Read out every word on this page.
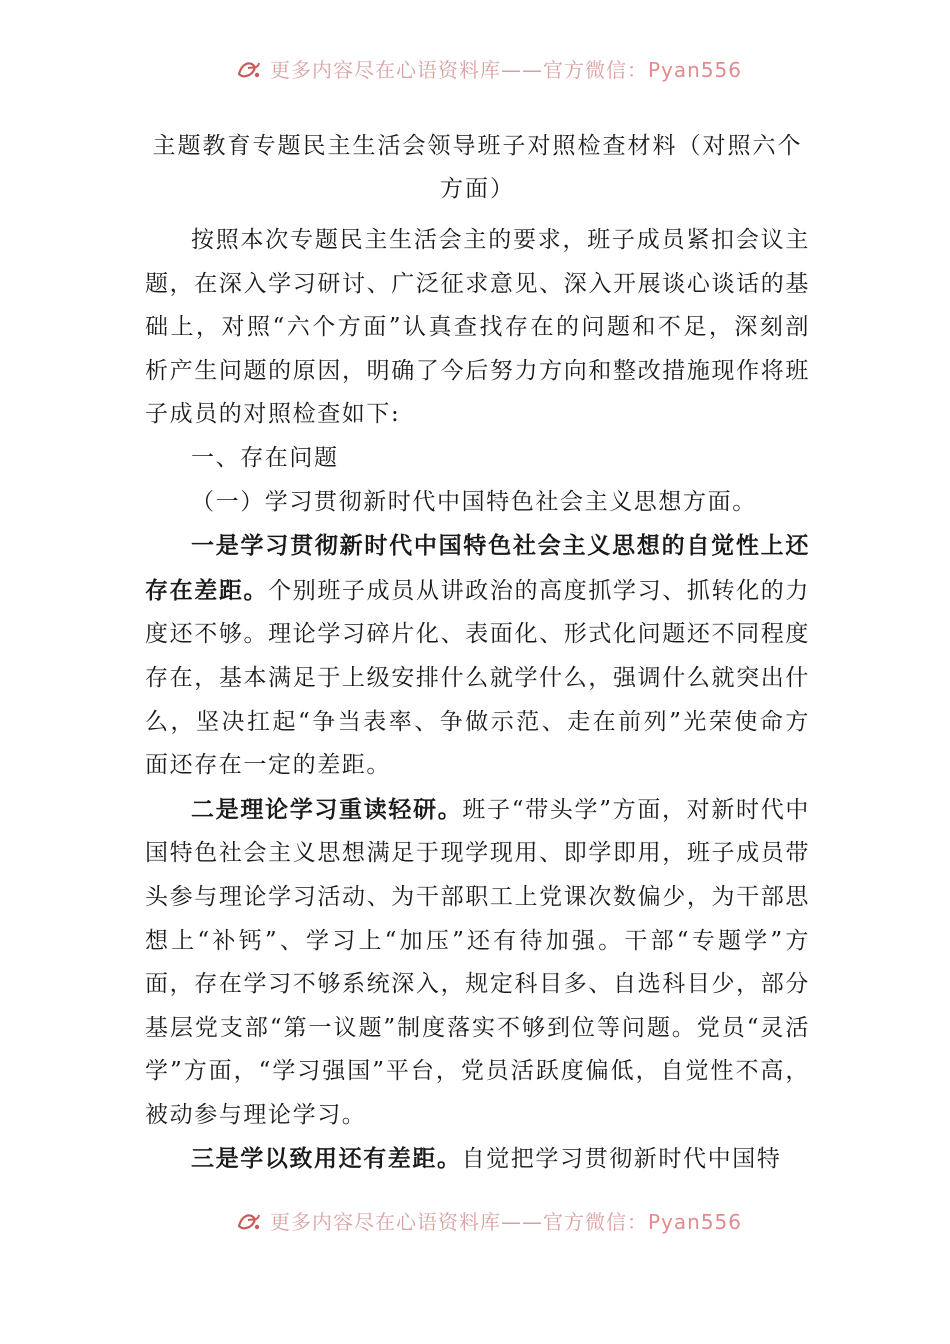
更多内容尽在心语资料库——官方微信： Pyan556

主题教育专题民主生活会领导班子对照检查材料（对照六个方面）

按照本次专题民主生活会主的要求，班子成员紧扣会议主题，在深入学习研讨、广泛征求意见、深入开展谈心谈话的基础上，对照“六个方面”认真查找存在的问题和不足，深刻剖析产生问题的原因，明确了今后努力方向和整改措施现作将班子成员的对照检查如下:

一、存在问题

（一）学习贯彻新时代中国特色社会主义思想方面。

一是学习贯彻新时代中国特色社会主义思想的自觉性上还存在差距。个别班子成员从讲政治的高度抓学习、抓转化的力度还不够。理论学习碎片化、表面化、形式化问题还不同程度存在，基本满足于上级安排什么就学什么，强调什么就突出什么，坚决扛起“争当表率、争做示范、走在前列”光荣使命方面还存在一定的差距。

二是理论学习重读轻研。班子“带头学”方面，对新时代中国特色社会主义思想满足于现学现用、即学即用，班子成员带头参与理论学习活动、为干部职工上党课次数偏少，为干部思想上“补钙”、学习上“加压”还有待加强。干部“专题学”方面，存在学习不够系统深入，规定科目多、自选科目少，部分基层党支部“第一议题”制度落实不够到位等问题。党员“灵活学”方面，“学习强国”平台，党员活跃度偏低，自觉性不高，被动参与理论学习。

三是学以致用还有差距。自觉把学习贯彻新时代中国特

更多内容尽在心语资料库——官方微信： Pyan556
